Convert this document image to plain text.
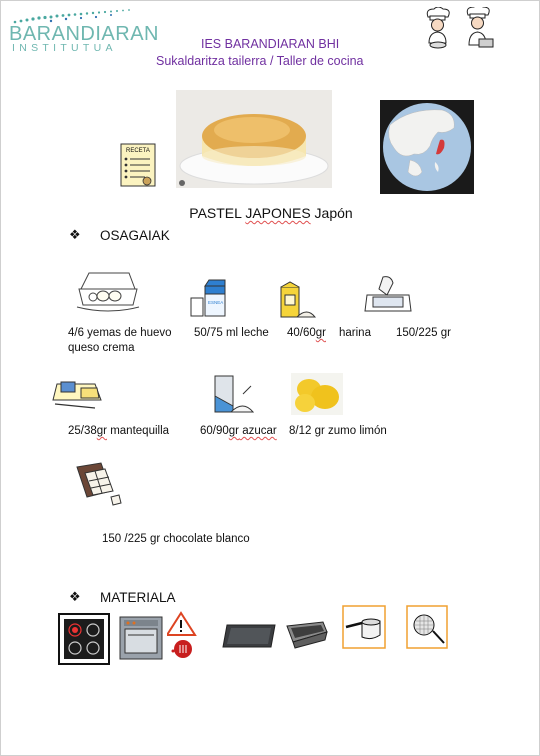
BARANDIARAN
INSTITUTUA	IES BARANDIARAN BHI
Sukaldaritza tailerra / Taller de cocina
RECETA
PASTEL JAPONES Japón
❖ OSAGAIAK
ESNEA
4/6 yemas de huevo
queso crema
50/75 ml leche 40/60gr harina 150/225 gr
25/38gr mantequilla	60/90gr azucar 8/12 gr zumo limón
150 /225 gr chocolate blanco
❖ MATERIALA
